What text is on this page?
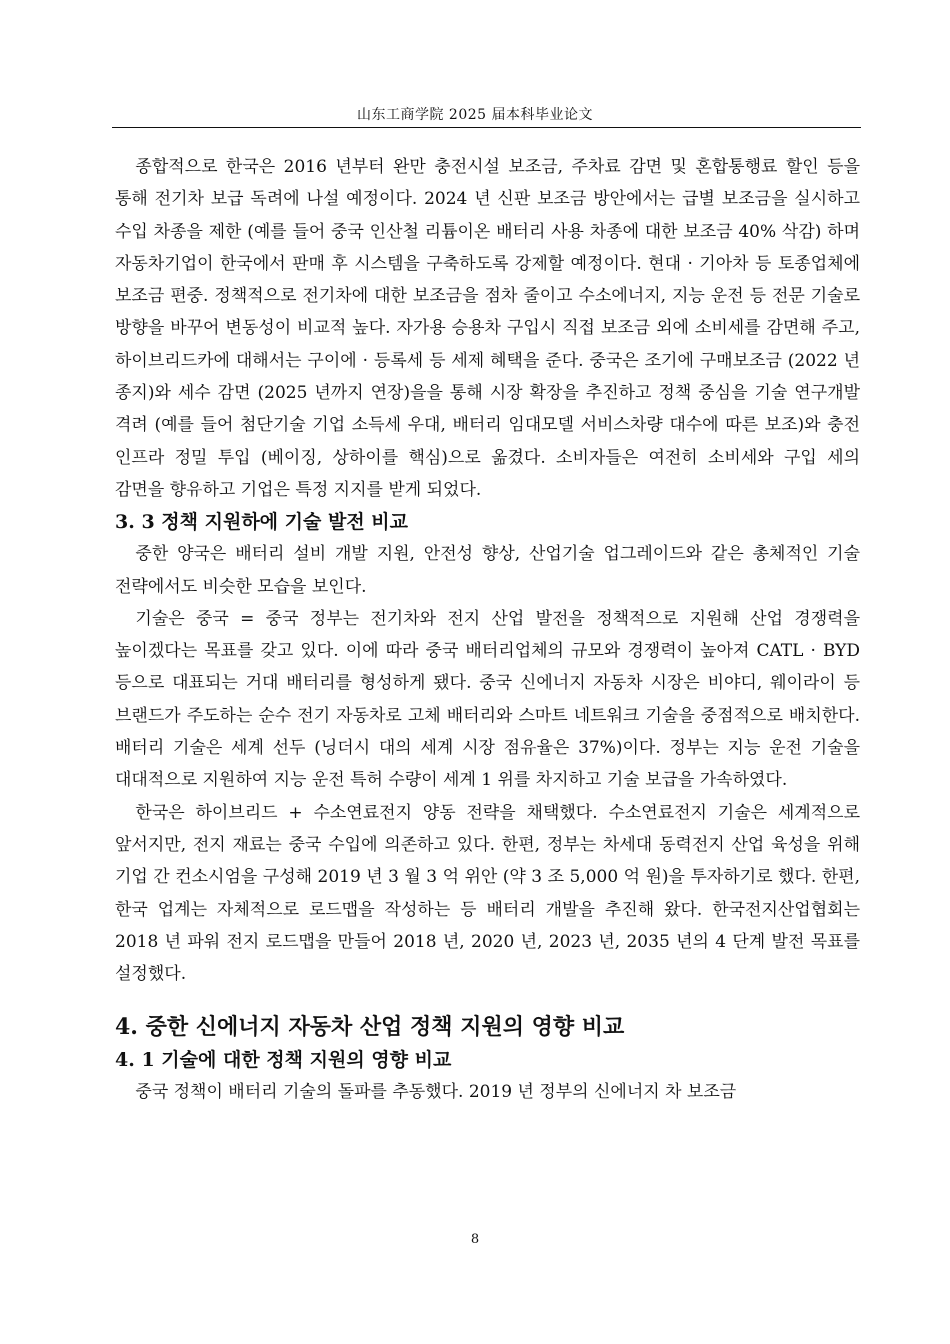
山东工商学院 2025 届本科毕业论文

종합적으로 한국은 2016 년부터 완만 충전시설 보조금, 주차료 감면 및 혼합통행료 할인 등을 통해 전기차 보급 독려에 나설 예정이다. 2024 년 신판 보조금 방안에서는 급별 보조금을 실시하고 수입 차종을 제한 (예를 들어 중국 인산철 리튬이온 배터리 사용 차종에 대한 보조금 40% 삭감) 하며 자동차기업이 한국에서 판매 후 시스템을 구축하도록 강제할 예정이다. 현대 · 기아차 등 토종업체에 보조금 편중. 정책적으로 전기차에 대한 보조금을 점차 줄이고 수소에너지, 지능 운전 등 전문 기술로 방향을 바꾸어 변동성이 비교적 높다. 자가용 승용차 구입시 직접 보조금 외에 소비세를 감면해 주고, 하이브리드카에 대해서는 구이에 · 등록세 등 세제 혜택을 준다. 중국은 조기에 구매보조금 (2022 년 종지)와 세수 감면 (2025 년까지 연장)을을 통해 시장 확장을 추진하고 정책 중심을 기술 연구개발 격려 (예를 들어 첨단기술 기업 소득세 우대, 배터리 임대모델 서비스차량 대수에 따른 보조)와 충전 인프라 정밀 투입 (베이징, 상하이를 핵심)으로 옮겼다. 소비자들은 여전히 소비세와 구입 세의 감면을 향유하고 기업은 특정 지지를 받게 되었다.

3. 3 정책 지원하에 기술 발전 비교

중한 양국은 배터리 설비 개발 지원, 안전성 향상, 산업기술 업그레이드와 같은 총체적인 기술 전략에서도 비슷한 모습을 보인다.

기술은 중국 = 중국 정부는 전기차와 전지 산업 발전을 정책적으로 지원해 산업 경쟁력을 높이겠다는 목표를 갖고 있다. 이에 따라 중국 배터리업체의 규모와 경쟁력이 높아져 CATL · BYD 등으로 대표되는 거대 배터리를 형성하게 됐다. 중국 신에너지 자동차 시장은 비야디, 웨이라이 등 브랜드가 주도하는 순수 전기 자동차로 고체 배터리와 스마트 네트워크 기술을 중점적으로 배치한다. 배터리 기술은 세계 선두 (닝더시 대의 세계 시장 점유율은 37%)이다. 정부는 지능 운전 기술을 대대적으로 지원하여 지능 운전 특허 수량이 세계 1 위를 차지하고 기술 보급을 가속하였다.

한국은 하이브리드 + 수소연료전지 양동 전략을 채택했다. 수소연료전지 기술은 세계적으로 앞서지만, 전지 재료는 중국 수입에 의존하고 있다. 한편, 정부는 차세대 동력전지 산업 육성을 위해 기업 간 컨소시엄을 구성해 2019 년 3 월 3 억 위안 (약 3 조 5,000 억 원)을 투자하기로 했다. 한편, 한국 업계는 자체적으로 로드맵을 작성하는 등 배터리 개발을 추진해 왔다. 한국전지산업협회는 2018 년 파워 전지 로드맵을 만들어 2018 년, 2020 년, 2023 년, 2035 년의 4 단계 발전 목표를 설정했다.

4. 중한 신에너지 자동차 산업 정책 지원의 영향 비교
4. 1 기술에 대한 정책 지원의 영향 비교

중국 정책이 배터리 기술의 돌파를 추동했다. 2019 년 정부의 신에너지 차 보조금

8
